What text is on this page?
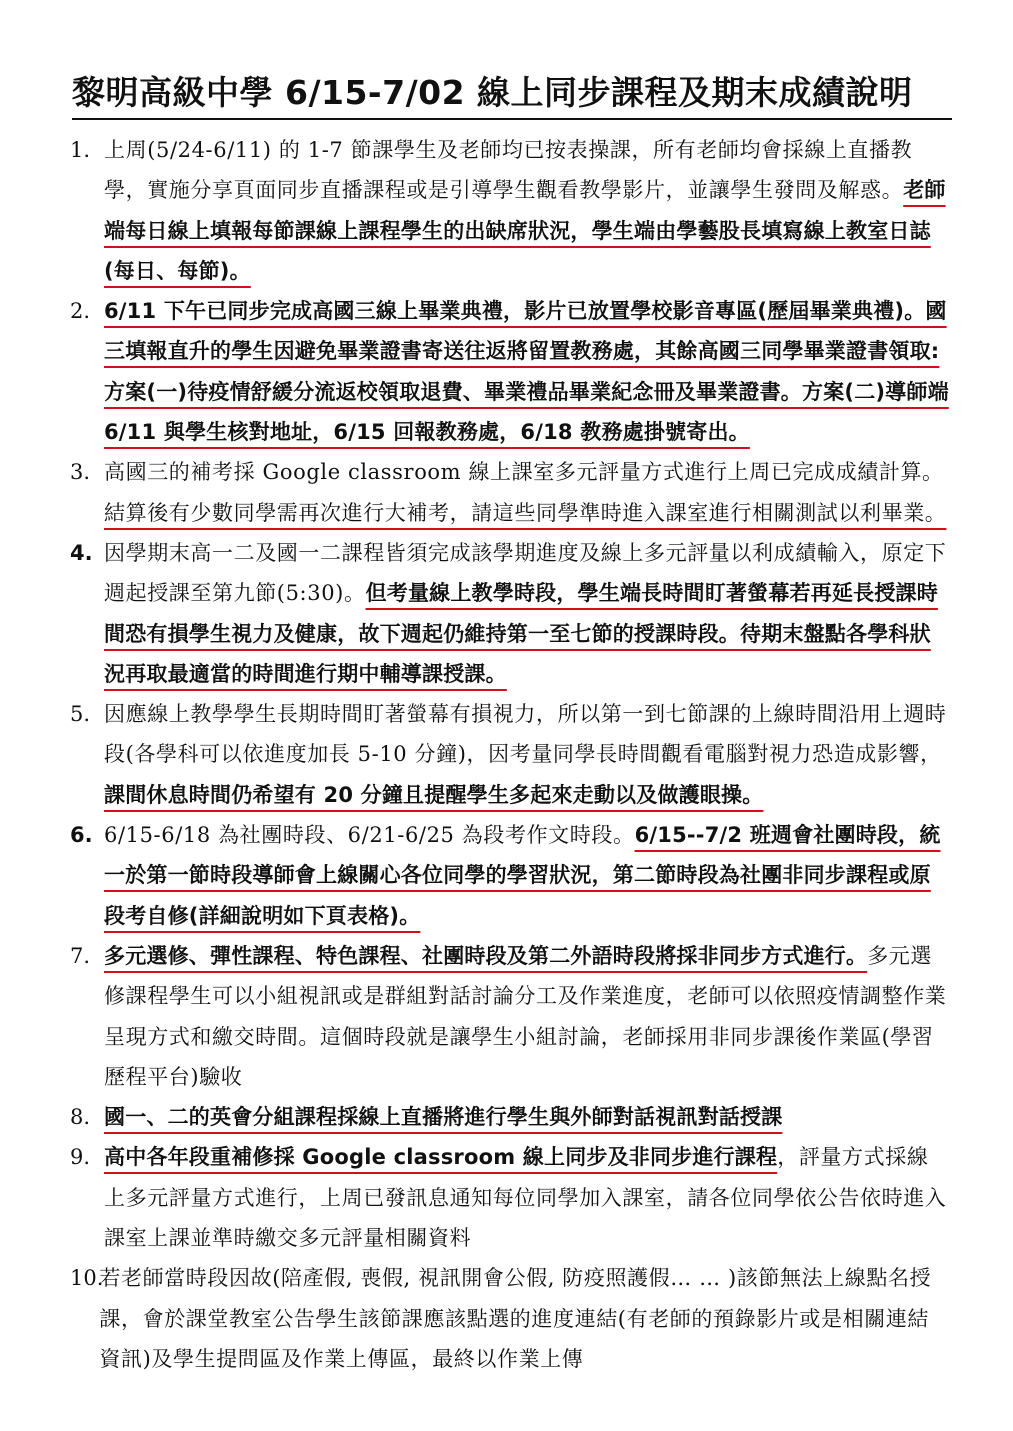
黎明高級中學 6/15-7/02 線上同步課程及期末成績說明
1. 上周(5/24-6/11) 的 1-7 節課學生及老師均已按表操課，所有老師均會採線上直播教學，實施分享頁面同步直播課程或是引導學生觀看教學影片，並讓學生發問及解惑。老師端每日線上填報每節課線上課程學生的出缺席狀況，學生端由學藝股長填寫線上教室日誌(每日、每節)。
2. 6/11 下午已同步完成高國三線上畢業典禮，影片已放置學校影音專區(歷屆畢業典禮)。國三填報直升的學生因避免畢業證書寄送往返將留置教務處，其餘高國三同學畢業證書領取:方案(一)待疫情舒緩分流返校領取退費、畢業禮品畢業紀念冊及畢業證書。方案(二)導師端 6/11 與學生核對地址，6/15 回報教務處，6/18 教務處掛號寄出。
3. 高國三的補考採 Google classroom 線上課室多元評量方式進行上周已完成成績計算。結算後有少數同學需再次進行大補考，請這些同學準時進入課室進行相關測試以利畢業。
4. 因學期末高一二及國一二課程皆須完成該學期進度及線上多元評量以利成績輸入，原定下週起授課至第九節(5:30)。但考量線上教學時段，學生端長時間盯著螢幕若再延長授課時間恐有損學生視力及健康，故下週起仍維持第一至七節的授課時段。待期末盤點各學科狀況再取最適當的時間進行期中輔導課授課。
5. 因應線上教學學生長期時間盯著螢幕有損視力，所以第一到七節課的上線時間沿用上週時段(各學科可以依進度加長 5-10 分鐘)，因考量同學長時間觀看電腦對視力恐造成影響，課間休息時間仍希望有 20 分鐘且提醒學生多起來走動以及做護眼操。
6. 6/15-6/18 為社團時段、6/21-6/25 為段考作文時段。6/15--7/2 班週會社團時段，統一於第一節時段導師會上線關心各位同學的學習狀況，第二節時段為社團非同步課程或原段考自修(詳細說明如下頁表格)。
7. 多元選修、彈性課程、特色課程、社團時段及第二外語時段將採非同步方式進行。多元選修課程學生可以小組視訊或是群組對話討論分工及作業進度，老師可以依照疫情調整作業呈現方式和繳交時間。這個時段就是讓學生小組討論，老師採用非同步課後作業區(學習歷程平台)驗收
8. 國一、二的英會分組課程採線上直播將進行學生與外師對話視訊對話授課
9. 高中各年段重補修採 Google classroom 線上同步及非同步進行課程，評量方式採線上多元評量方式進行，上周已發訊息通知每位同學加入課室，請各位同學依公告依時進入課室上課並準時繳交多元評量相關資料
10.
若老師當時段因故(陪產假, 喪假, 視訊開會公假, 防疫照護假… … )該節無法上線點名授課，會於課堂教室公告學生該節課應該點選的進度連結(有老師的預錄影片或是相關連結資訊)及學生提問區及作業上傳區，最終以作業上傳
